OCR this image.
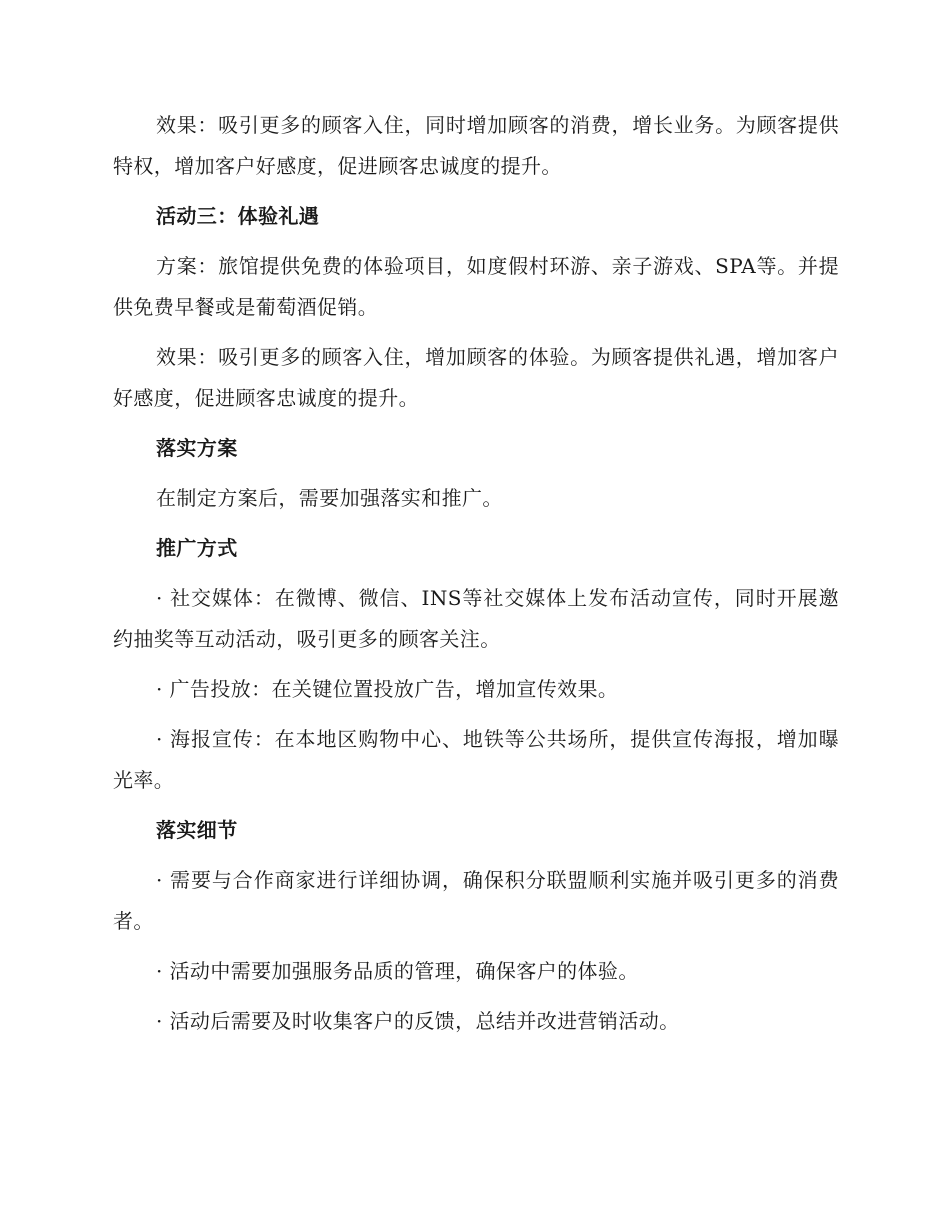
效果：吸引更多的顾客入住，同时增加顾客的消费，增长业务。为顾客提供特权，增加客户好感度，促进顾客忠诚度的提升。

活动三：体验礼遇

方案：旅馆提供免费的体验项目，如度假村环游、亲子游戏、SPA等。并提供免费早餐或是葡萄酒促销。

效果：吸引更多的顾客入住，增加顾客的体验。为顾客提供礼遇，增加客户好感度，促进顾客忠诚度的提升。

落实方案

在制定方案后，需要加强落实和推广。

推广方式

· 社交媒体：在微博、微信、INS等社交媒体上发布活动宣传，同时开展邀约抽奖等互动活动，吸引更多的顾客关注。

· 广告投放：在关键位置投放广告，增加宣传效果。

· 海报宣传：在本地区购物中心、地铁等公共场所，提供宣传海报，增加曝光率。

落实细节

· 需要与合作商家进行详细协调，确保积分联盟顺利实施并吸引更多的消费者。

· 活动中需要加强服务品质的管理，确保客户的体验。

· 活动后需要及时收集客户的反馈，总结并改进营销活动。
